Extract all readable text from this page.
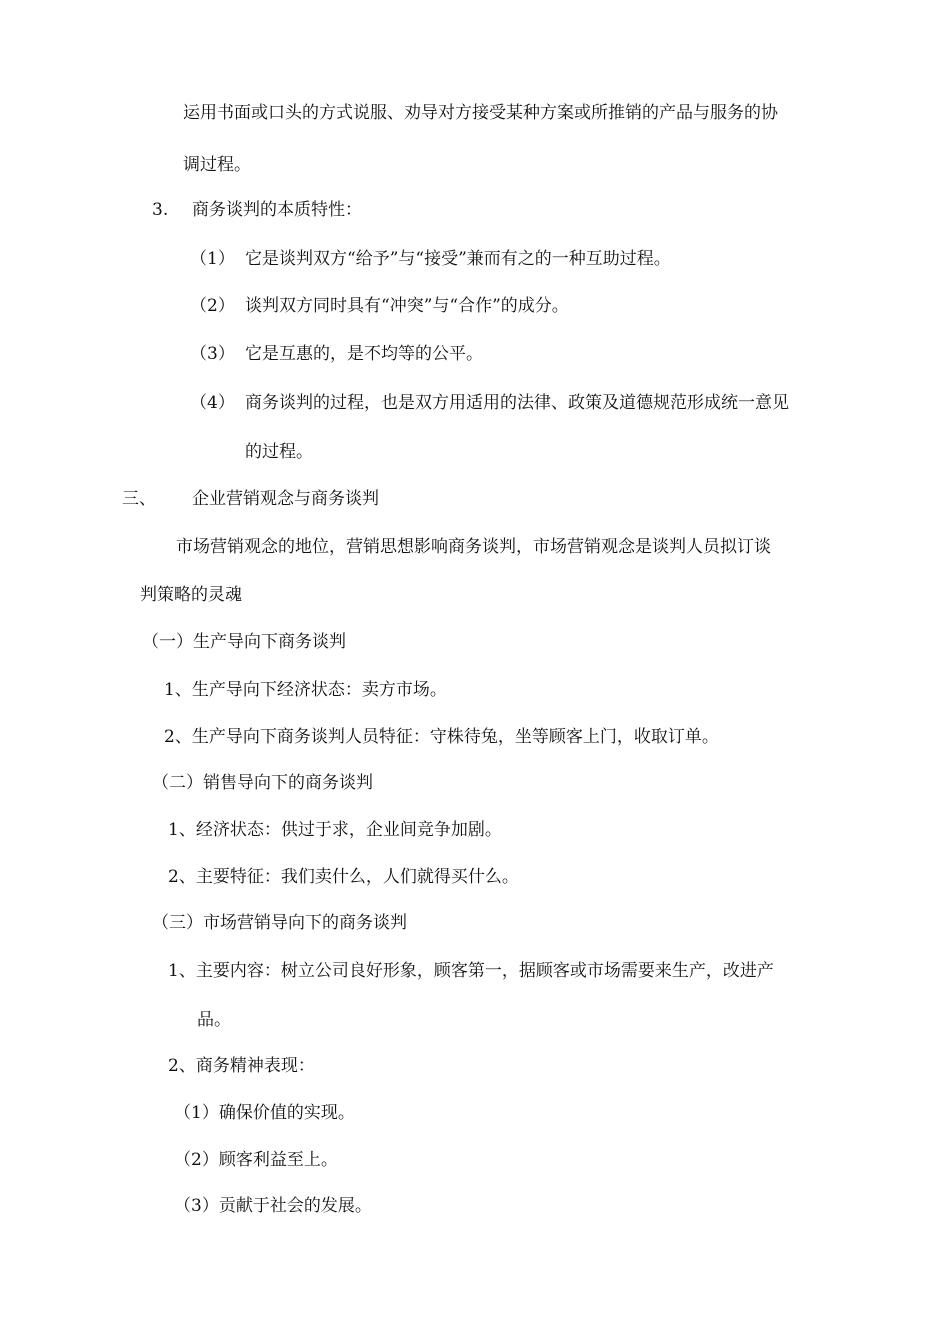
运用书面或口头的方式说服、劝导对方接受某种方案或所推销的产品与服务的协
调过程。
3. 商务谈判的本质特性：
（1） 它是谈判双方“给予”与“接受”兼而有之的一种互助过程。
（2） 谈判双方同时具有“冲突”与“合作”的成分。
（3） 它是互惠的，是不均等的公平。
（4） 商务谈判的过程，也是双方用适用的法律、政策及道德规范形成统一意见
的过程。
三、 企业营销观念与商务谈判
市场营销观念的地位，营销思想影响商务谈判，市场营销观念是谈判人员拟订谈
判策略的灵魂
（一）生产导向下商务谈判
1、生产导向下经济状态：卖方市场。
2、生产导向下商务谈判人员特征：守株待兔，坐等顾客上门，收取订单。
（二）销售导向下的商务谈判
1、经济状态：供过于求，企业间竞争加剧。
2、主要特征：我们卖什么，人们就得买什么。
（三）市场营销导向下的商务谈判
1、主要内容：树立公司良好形象，顾客第一，据顾客或市场需要来生产，改进产
品。
2、商务精神表现：
（1）确保价值的实现。
（2）顾客利益至上。
（3）贡献于社会的发展。
